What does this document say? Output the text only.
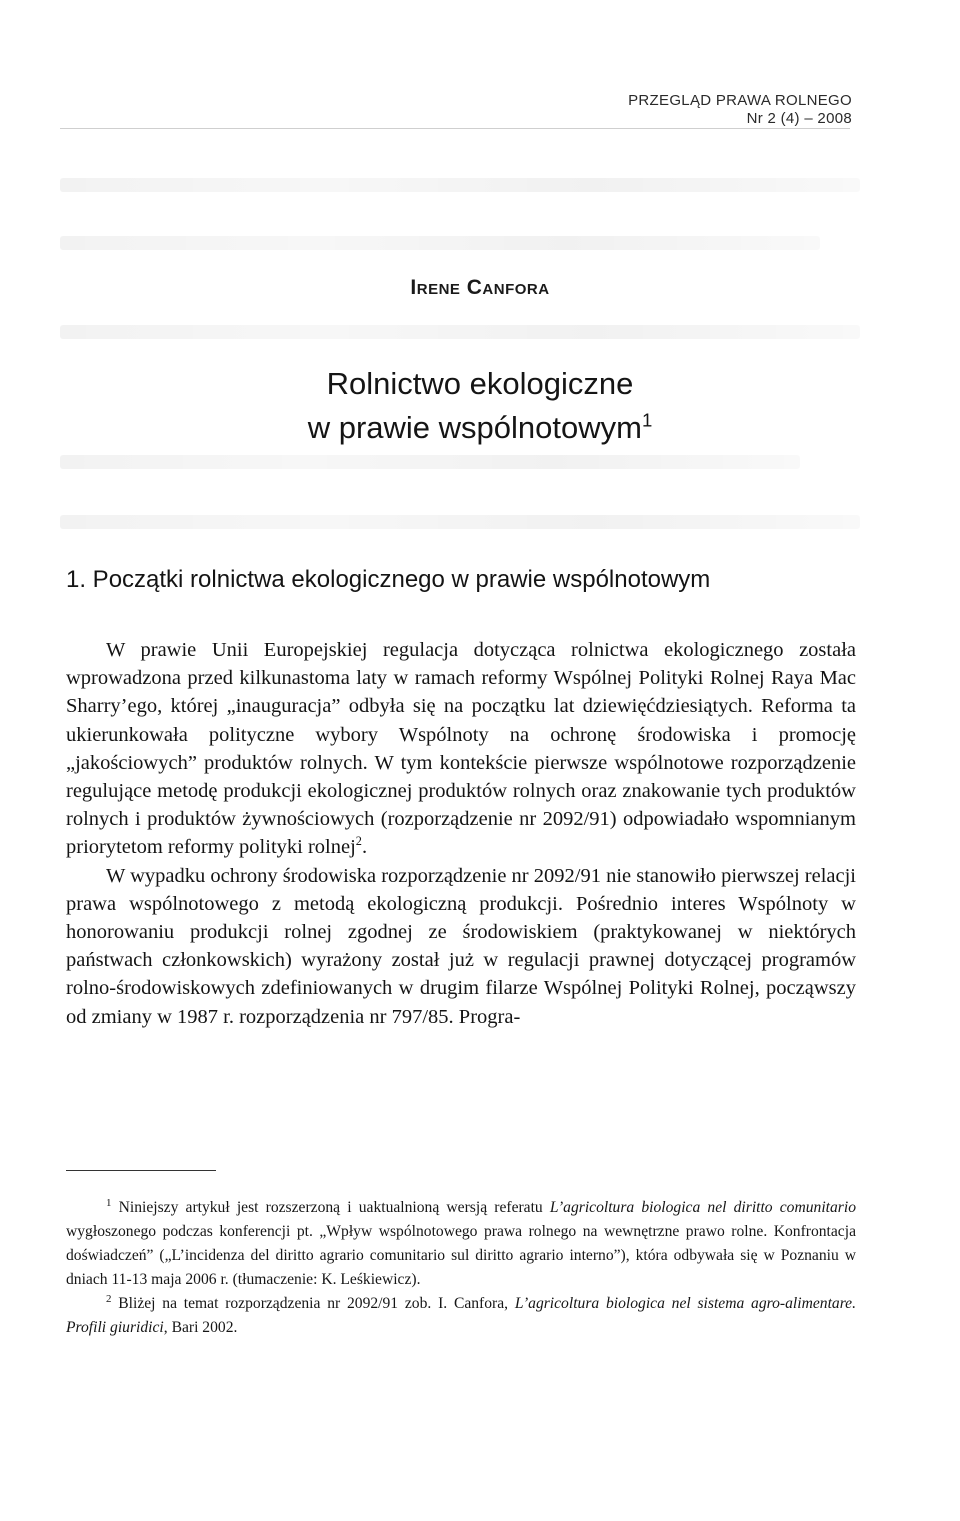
PRZEGLĄD PRAWA ROLNEGO
Nr 2 (4) – 2008
Irene Canfora
Rolnictwo ekologiczne
w prawie wspólnotowym$^1$
1. Początki rolnictwa ekologicznego w prawie wspólnotowym

W prawie Unii Europejskiej regulacja dotycząca rolnictwa ekologicznego została wprowadzona przed kilkunastoma laty w ramach reformy Wspólnej Polityki Rolnej Raya Mac Sharry’ego, której „inauguracja” odbyła się na początku lat dziewięćdziesiątych. Reforma ta ukierunkowała polityczne wybory Wspólnoty na ochronę środowiska i promocję „jakościowych” produktów rolnych. W tym kontekście pierwsze wspólnotowe rozporządzenie regulujące metodę produkcji ekologicznej produktów rolnych oraz znakowanie tych produktów rolnych i produktów żywnościowych (rozporządzenie nr 2092/91) odpowiadało wspomnianym priorytetom reformy polityki rolnej$^2$.

W wypadku ochrony środowiska rozporządzenie nr 2092/91 nie stanowiło pierwszej relacji prawa wspólnotowego z metodą ekologiczną produkcji. Pośrednio interes Wspólnoty w honorowaniu produkcji rolnej zgodnej ze środowiskiem (praktykowanej w niektórych państwach członkowskich) wyrażony został już w regulacji prawnej dotyczącej programów rolno-środowiskowych zdefiniowanych w drugim filarze Wspólnej Polityki Rolnej, począwszy od zmiany w 1987 r. rozporządzenia nr 797/85. Progra-

$^1$ Niniejszy artykuł jest rozszerzoną i uaktualnioną wersją referatu L’agricoltura biologica nel diritto comunitario wygłoszonego podczas konferencji pt. „Wpływ wspólnotowego prawa rolnego na wewnętrzne prawo rolne. Konfrontacja doświadczeń” („L’incidenza del diritto agrario comunitario sul diritto agrario interno”), która odbywała się w Poznaniu w dniach 11-13 maja 2006 r. (tłumaczenie: K. Leśkiewicz).

$^2$ Bliżej na temat rozporządzenia nr 2092/91 zob. I. Canfora, L’agricoltura biologica nel sistema agro-alimentare. Profili giuridici, Bari 2002.
